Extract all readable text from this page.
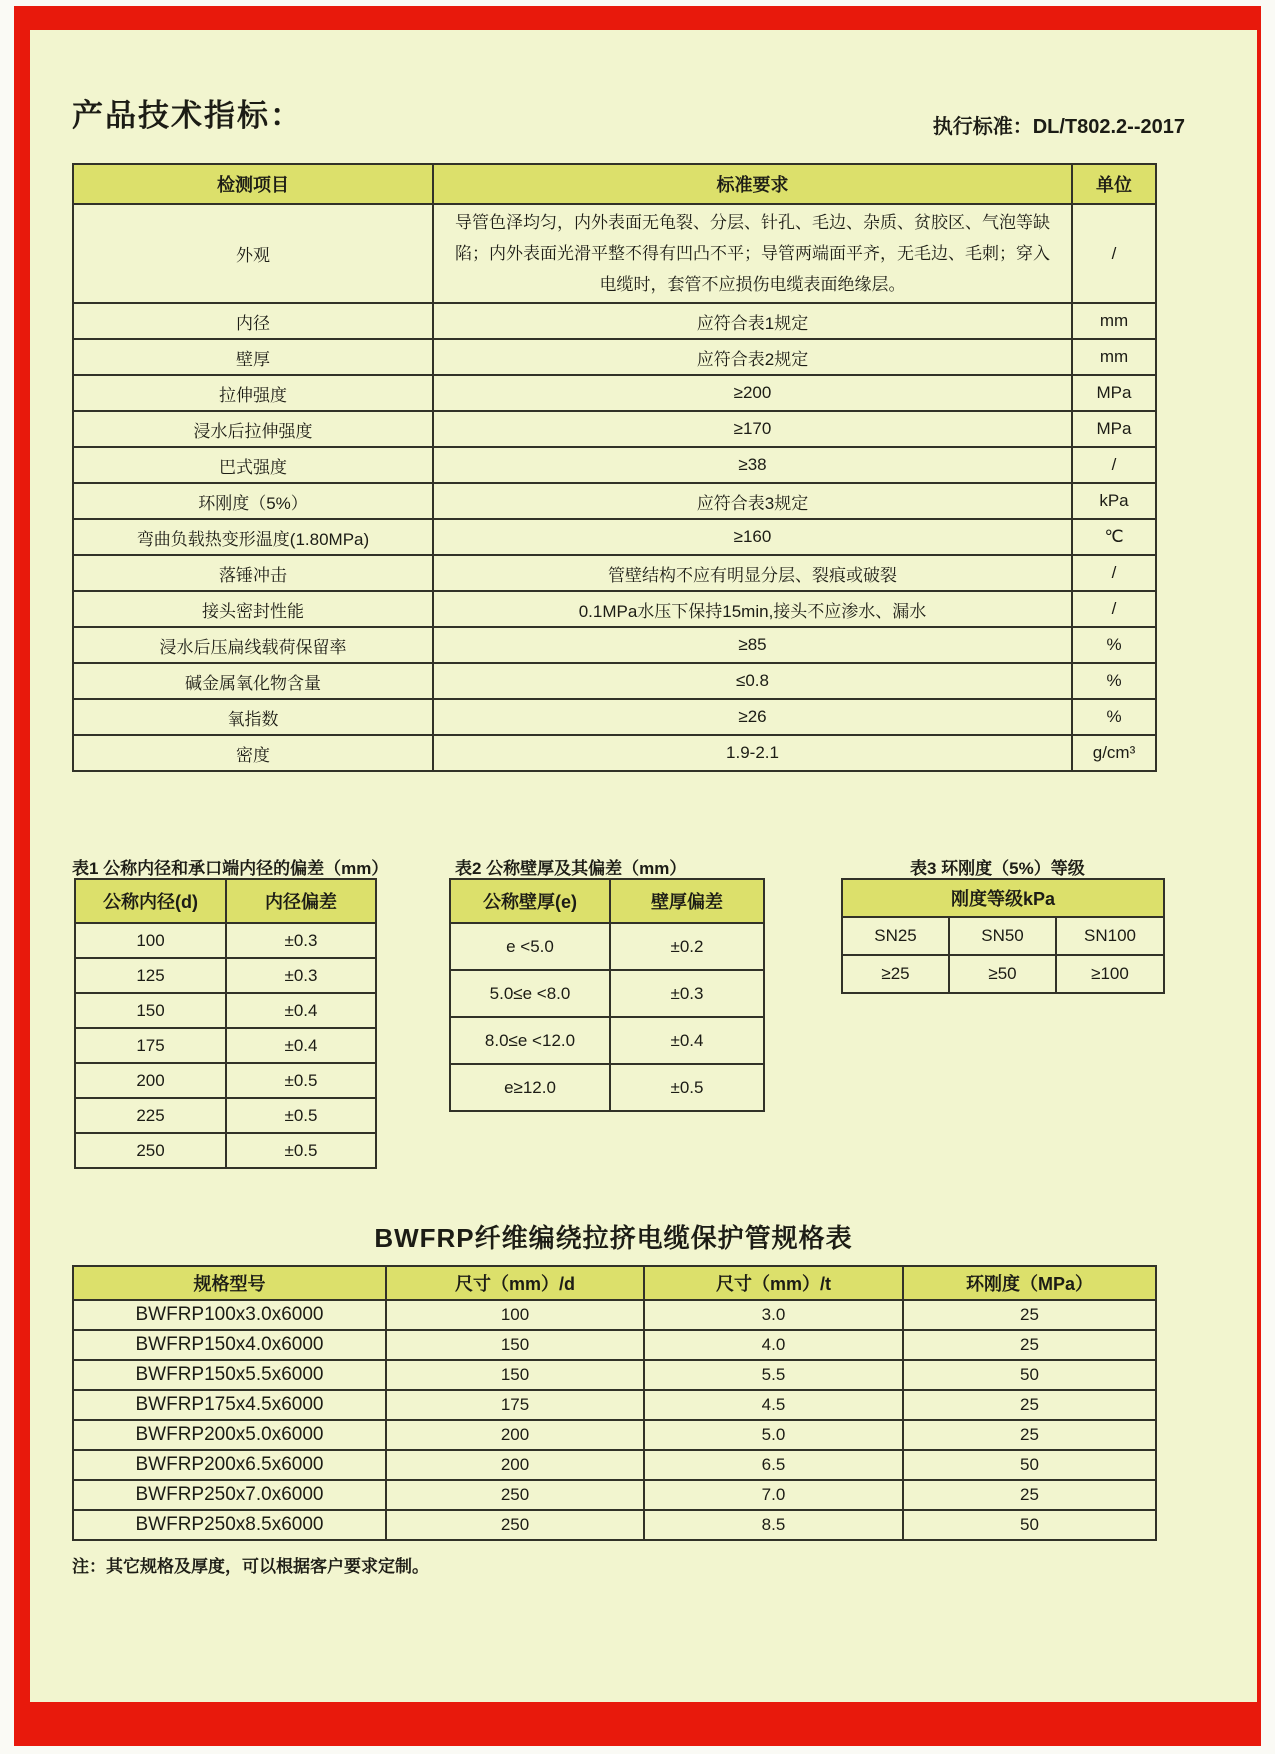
产品技术指标：	执行标准：DL/T802.2--2017
检测项目	标准要求	单位
外观	导管色泽均匀，内外表面无龟裂、分层、针孔、毛边、杂质、贫胶区、气泡等缺陷；内外表面光滑平整不得有凹凸不平；导管两端面平齐，无毛边、毛刺；穿入电缆时，套管不应损伤电缆表面绝缘层。	/
内径	应符合表1规定	mm
壁厚	应符合表2规定	mm
拉伸强度	≥200	MPa
浸水后拉伸强度	≥170	MPa
巴式强度	≥38	/
环刚度（5%）	应符合表3规定	kPa
弯曲负载热变形温度(1.80MPa)	≥160	℃
落锤冲击	管壁结构不应有明显分层、裂痕或破裂	/
接头密封性能	0.1MPa水压下保持15min,接头不应渗水、漏水	/
浸水后压扁线载荷保留率	≥85	%
碱金属氧化物含量	≤0.8	%
氧指数	≥26	%
密度	1.9-2.1	g/cm³
表1 公称内径和承口端内径的偏差（mm）
公称内径(d)	内径偏差
100	±0.3
125	±0.3
150	±0.4
175	±0.4
200	±0.5
225	±0.5
250	±0.5
表2 公称壁厚及其偏差（mm）
公称壁厚(e)	壁厚偏差
e <5.0	±0.2
5.0≤e <8.0	±0.3
8.0≤e <12.0	±0.4
e≥12.0	±0.5
表3 环刚度（5%）等级
刚度等级kPa		
SN25	SN50	SN100
≥25	≥50	≥100
BWFRP纤维编绕拉挤电缆保护管规格表
规格型号	尺寸（mm）/d	尺寸（mm）/t	环刚度（MPa）
BWFRP100x3.0x6000	100	3.0	25
BWFRP150x4.0x6000	150	4.0	25
BWFRP150x5.5x6000	150	5.5	50
BWFRP175x4.5x6000	175	4.5	25
BWFRP200x5.0x6000	200	5.0	25
BWFRP200x6.5x6000	200	6.5	50
BWFRP250x7.0x6000	250	7.0	25
BWFRP250x8.5x6000	250	8.5	50
注：其它规格及厚度，可以根据客户要求定制。
